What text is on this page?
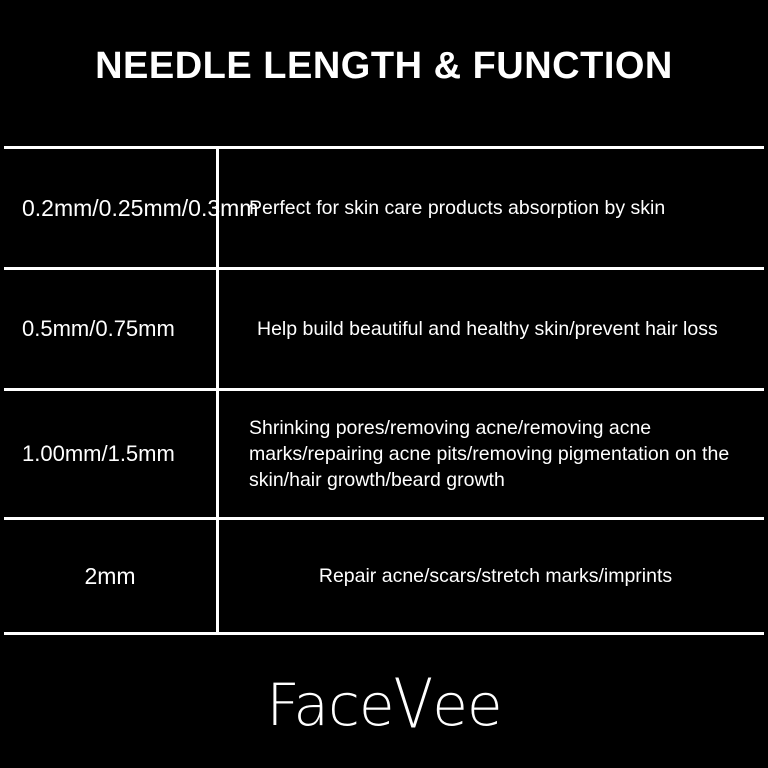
NEEDLE LENGTH & FUNCTION
0.2mm/0.25mm/0.3mm
Perfect for skin care products absorption by skin
0.5mm/0.75mm	Help build beautiful and healthy skin/prevent hair loss
1.00mm/1.5mm
Shrinking pores/removing acne/removing acne marks/repairing acne pits/removing pigmentation on the skin/hair growth/beard growth
2mm	Repair acne/scars/stretch marks/imprints
FaceVee
